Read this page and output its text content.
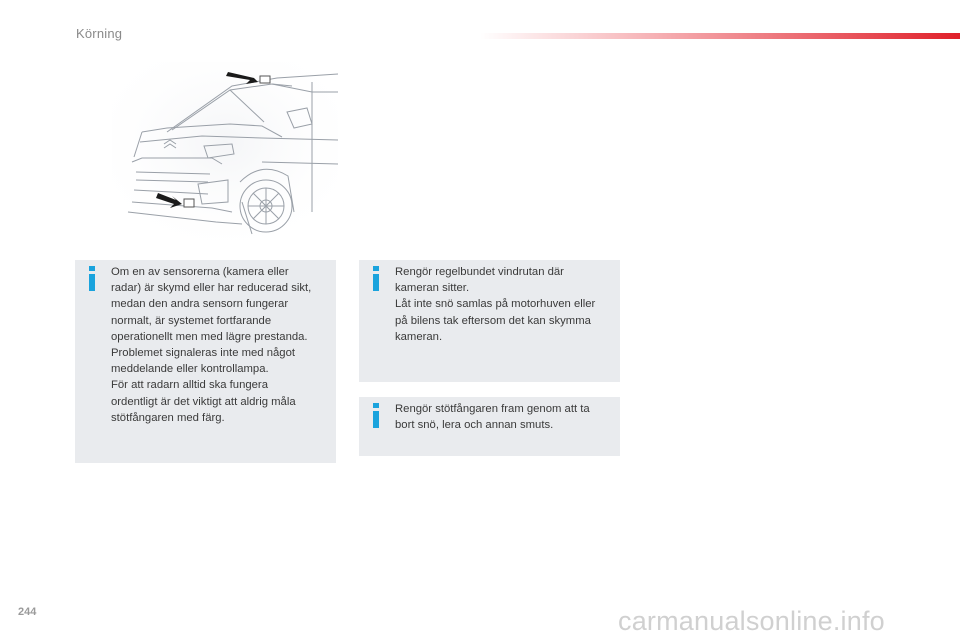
Körning
Om en av sensorerna (kamera eller
radar) är skymd eller har reducerad sikt,
medan den andra sensorn fungerar
normalt, är systemet fortfarande
operationellt men med lägre prestanda.
Problemet signaleras inte med något
meddelande eller kontrollampa.
För att radarn alltid ska fungera
ordentligt är det viktigt att aldrig måla
stötfångaren med färg.
Rengör regelbundet vindrutan där
kameran sitter.
Låt inte snö samlas på motorhuven eller
på bilens tak eftersom det kan skymma
kameran.
Rengör stötfångaren fram genom att ta
bort snö, lera och annan smuts.
244	carmanualsonline.info
